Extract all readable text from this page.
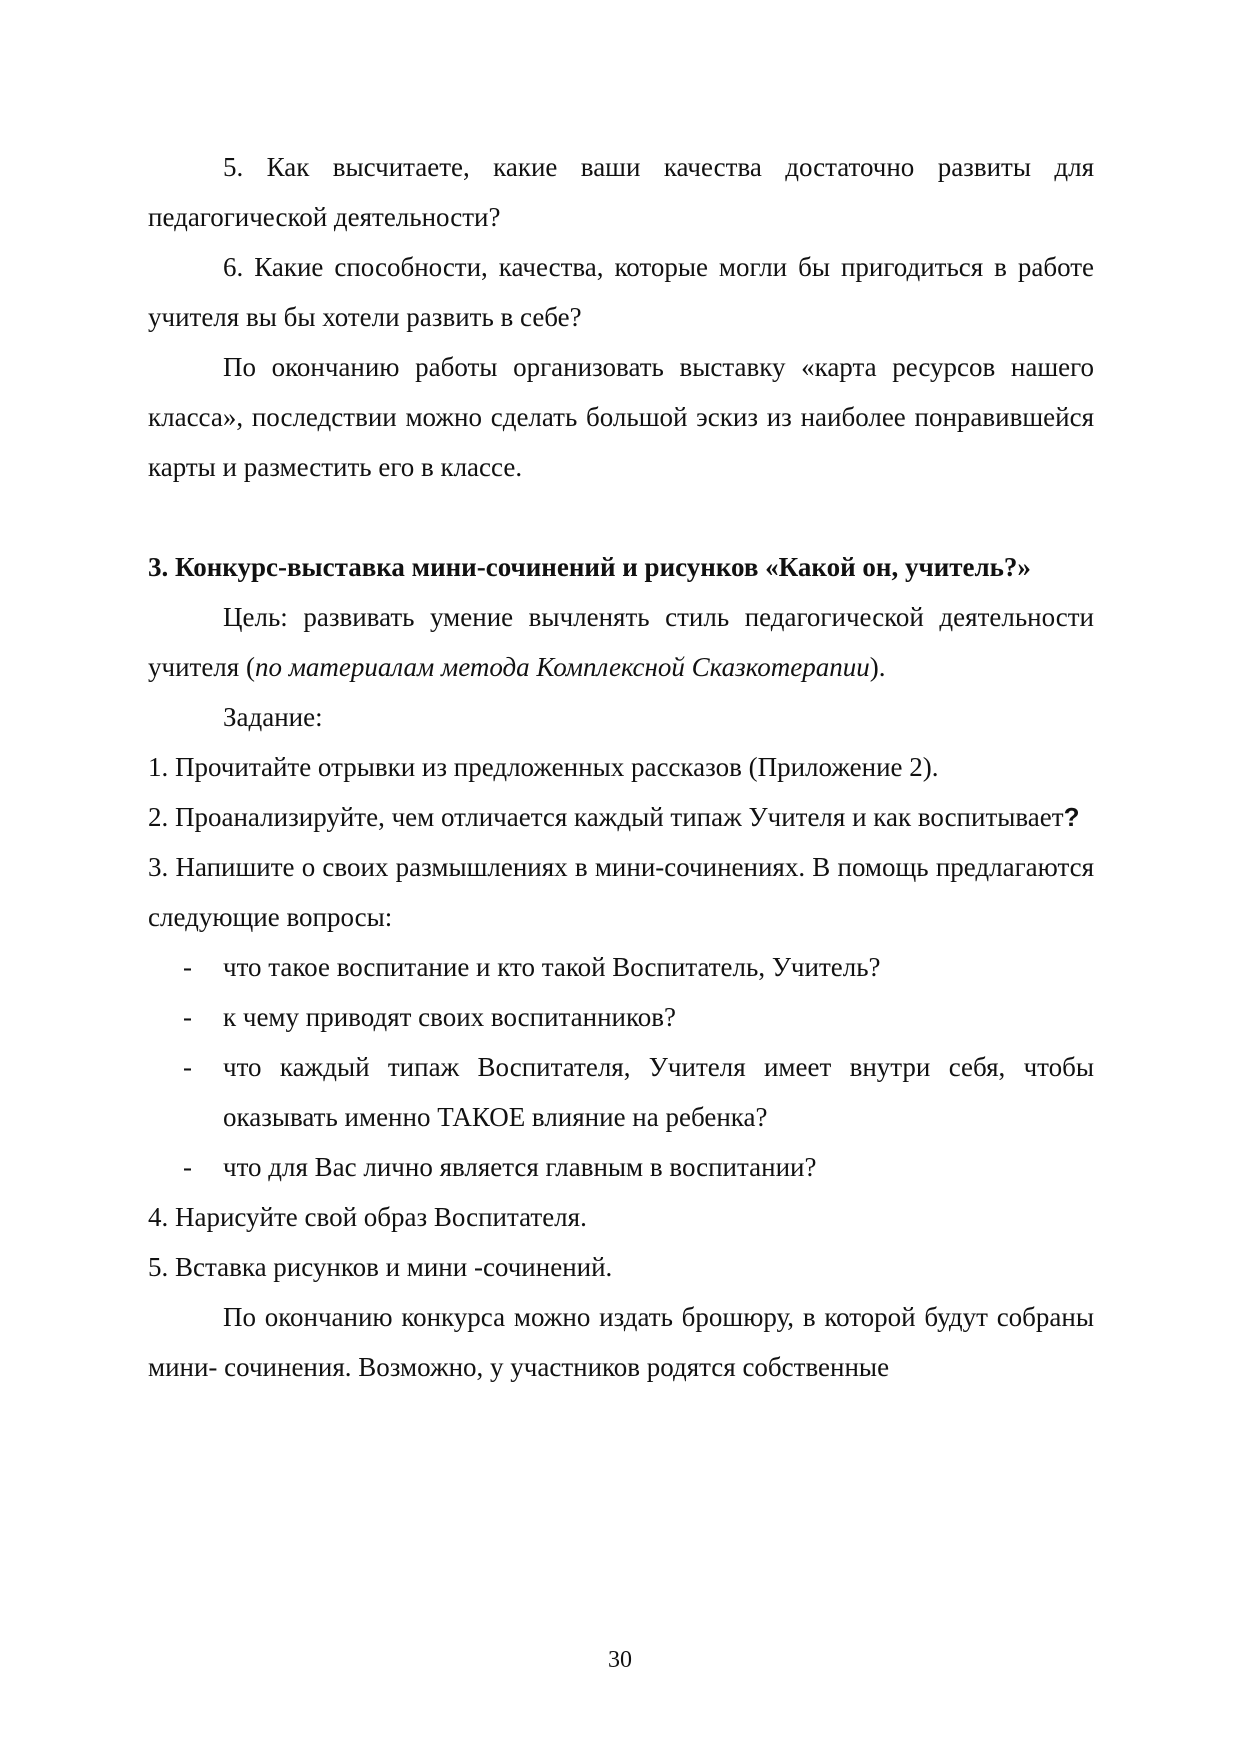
5. Как высчитаете, какие ваши качества достаточно развиты для педагогической деятельности?

6. Какие способности, качества, которые могли бы пригодиться в работе учителя вы бы хотели развить в себе?

По окончанию работы организовать выставку «карта ресурсов нашего класса», последствии можно сделать большой эскиз из наиболее понравившейся карты и разместить его в классе.

3. Конкурс-выставка мини-сочинений и рисунков «Какой он, учитель?»

Цель: развивать умение вычленять стиль педагогической деятельности учителя (по материалам метода Комплексной Сказкотерапии).

Задание:

1. Прочитайте отрывки из предложенных рассказов (Приложение 2).

2. Проанализируйте, чем отличается каждый типаж Учителя и как воспитывает?

3. Напишите о своих размышлениях в мини-сочинениях. В помощь предлагаются следующие вопросы:

- что такое воспитание и кто такой Воспитатель, Учитель?
- к чему приводят своих воспитанников?
- что каждый типаж Воспитателя, Учителя имеет внутри себя, чтобы оказывать именно ТАКОЕ влияние на ребенка?
- что для Вас лично является главным в воспитании?

4. Нарисуйте свой образ Воспитателя.

5. Вставка рисунков и мини -сочинений.

По окончанию конкурса можно издать брошюру, в которой будут собраны мини- сочинения. Возможно, у участников родятся собственные

30
